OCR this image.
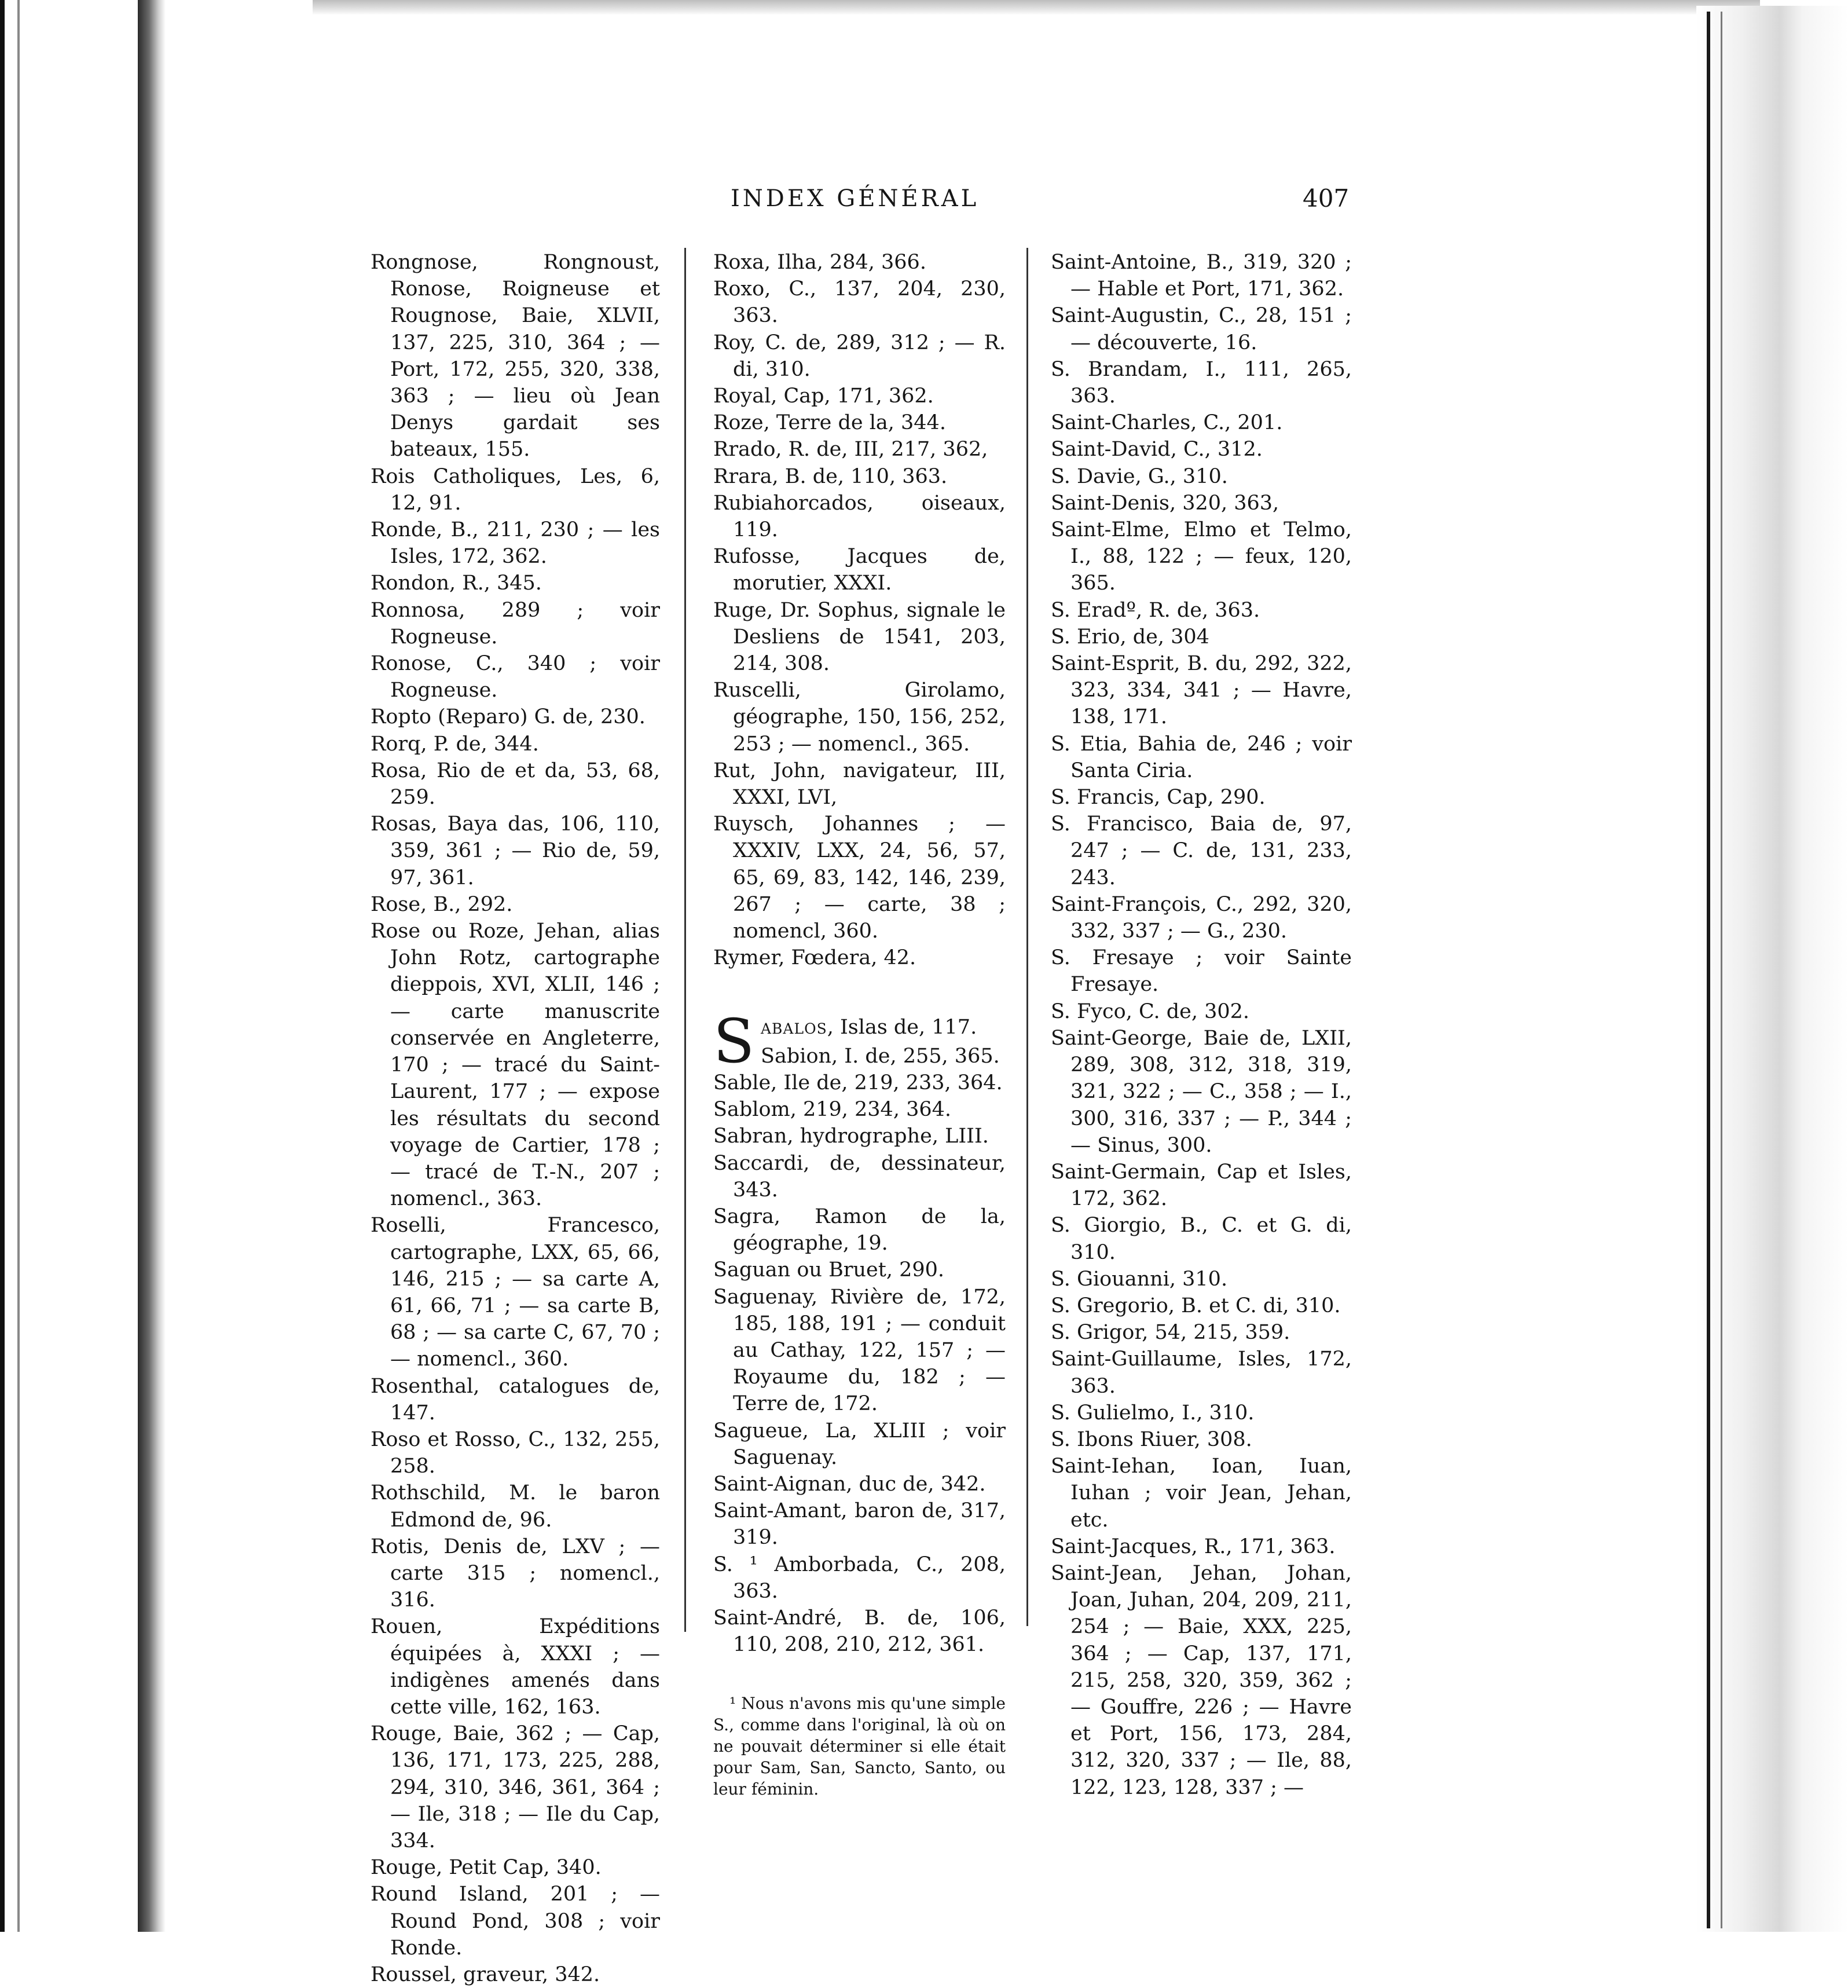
INDEX GÉNÉRAL	407

Rongnose, Rongnoust, Ronose, Roigneuse et Rougnose, Baie, XLVII, 137, 225, 310, 364 ; — Port, 172, 255, 320, 338, 363 ; — lieu où Jean Denys gardait ses bateaux, 155.

Rois Catholiques, Les, 6, 12, 91.

Ronde, B., 211, 230 ; — les Isles, 172, 362.

Rondon, R., 345.

Ronnosa, 289 ; voir Rogneuse.

Ronose, C., 340 ; voir Rogneuse.

Ropto (Reparo) G. de, 230.

Rorq, P. de, 344.

Rosa, Rio de et da, 53, 68, 259.

Rosas, Baya das, 106, 110, 359, 361 ; — Rio de, 59, 97, 361.

Rose, B., 292.

Rose ou Roze, Jehan, alias John Rotz, cartographe dieppois, XVI, XLII, 146 ; — carte manuscrite conservée en Angleterre, 170 ; — tracé du Saint-Laurent, 177 ; — expose les résultats du second voyage de Cartier, 178 ; — tracé de T.-N., 207 ; nomencl., 363.

Roselli, Francesco, cartographe, LXX, 65, 66, 146, 215 ; — sa carte A, 61, 66, 71 ; — sa carte B, 68 ; — sa carte C, 67, 70 ; — nomencl., 360.

Rosenthal, catalogues de, 147.

Roso et Rosso, C., 132, 255, 258.

Rothschild, M. le baron Edmond de, 96.

Rotis, Denis de, LXV ; — carte 315 ; nomencl., 316.

Rouen, Expéditions équipées à, XXXI ; — indigènes amenés dans cette ville, 162, 163.

Rouge, Baie, 362 ; — Cap, 136, 171, 173, 225, 288, 294, 310, 346, 361, 364 ; — Ile, 318 ; — Ile du Cap, 334.

Rouge, Petit Cap, 340.

Round Island, 201 ; — Round Pond, 308 ; voir Ronde.

Roussel, graveur, 342.

Roxa, Ilha, 284, 366.

Roxo, C., 137, 204, 230, 363.

Roy, C. de, 289, 312 ; — R. di, 310.

Royal, Cap, 171, 362.

Roze, Terre de la, 344.

Rrado, R. de, III, 217, 362,

Rrara, B. de, 110, 363.

Rubiahorcados, oiseaux, 119.

Rufosse, Jacques de, morutier, XXXI.

Ruge, Dr. Sophus, signale le Desliens de 1541, 203, 214, 308.

Ruscelli, Girolamo, géographe, 150, 156, 252, 253 ; — nomencl., 365.

Rut, John, navigateur, III, XXXI, LVI,

Ruysch, Johannes ; — XXXIV, LXX, 24, 56, 57, 65, 69, 83, 142, 146, 239, 267 ; — carte, 38 ; nomencl, 360.

Rymer, Fœdera, 42.

S ABALOS, Islas de, 117.

Sabion, I. de, 255, 365.

Sable, Ile de, 219, 233, 364.

Sablom, 219, 234, 364.

Sabran, hydrographe, LIII.

Saccardi, de, dessinateur, 343.

Sagra, Ramon de la, géographe, 19.

Saguan ou Bruet, 290.

Saguenay, Rivière de, 172, 185, 188, 191 ; — conduit au Cathay, 122, 157 ; — Royaume du, 182 ; — Terre de, 172.

Sagueue, La, XLIII ; voir Saguenay.

Saint-Aignan, duc de, 342.

Saint-Amant, baron de, 317, 319.

S. ¹ Amborbada, C., 208, 363.

Saint-André, B. de, 106, 110, 208, 210, 212, 361.

¹ Nous n'avons mis qu'une simple S., comme dans l'original, là où on ne pouvait déterminer si elle était pour Sam, San, Sancto, Santo, ou leur féminin.

Saint-Antoine, B., 319, 320 ; — Hable et Port, 171, 362.

Saint-Augustin, C., 28, 151 ; — découverte, 16.

S. Brandam, I., 111, 265, 363.

Saint-Charles, C., 201.

Saint-David, C., 312.

S. Davie, G., 310.

Saint-Denis, 320, 363,

Saint-Elme, Elmo et Telmo, I., 88, 122 ; — feux, 120, 365.

S. Eradº, R. de, 363.

S. Erio, de, 304

Saint-Esprit, B. du, 292, 322, 323, 334, 341 ; — Havre, 138, 171.

S. Etia, Bahia de, 246 ; voir Santa Ciria.

S. Francis, Cap, 290.

S. Francisco, Baia de, 97, 247 ; — C. de, 131, 233, 243.

Saint-François, C., 292, 320, 332, 337 ; — G., 230.

S. Fresaye ; voir Sainte Fresaye.

S. Fyco, C. de, 302.

Saint-George, Baie de, LXII, 289, 308, 312, 318, 319, 321, 322 ; — C., 358 ; — I., 300, 316, 337 ; — P., 344 ; — Sinus, 300.

Saint-Germain, Cap et Isles, 172, 362.

S. Giorgio, B., C. et G. di, 310.

S. Giouanni, 310.

S. Gregorio, B. et C. di, 310.

S. Grigor, 54, 215, 359.

Saint-Guillaume, Isles, 172, 363.

S. Gulielmo, I., 310.

S. Ibons Riuer, 308.

Saint-Iehan, Ioan, Iuan, Iuhan ; voir Jean, Jehan, etc.

Saint-Jacques, R., 171, 363.

Saint-Jean, Jehan, Johan, Joan, Juhan, 204, 209, 211, 254 ; — Baie, XXX, 225, 364 ; — Cap, 137, 171, 215, 258, 320, 359, 362 ; — Gouffre, 226 ; — Havre et Port, 156, 173, 284, 312, 320, 337 ; — Ile, 88, 122, 123, 128, 337 ; —
